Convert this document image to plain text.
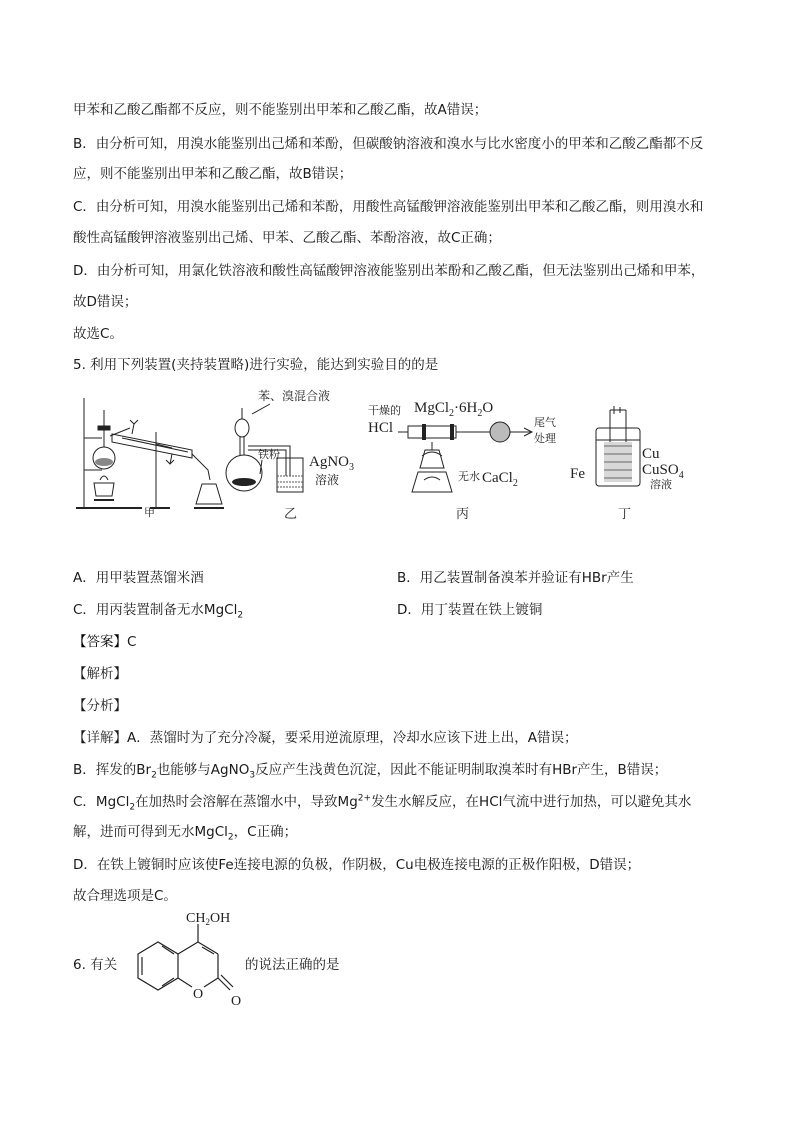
甲苯和乙酸乙酯都不反应，则不能鉴别出甲苯和乙酸乙酯，故A错误；
B．由分析可知，用溴水能鉴别出己烯和苯酚，但碳酸钠溶液和溴水与比水密度小的甲苯和乙酸乙酯都不反
应，则不能鉴别出甲苯和乙酸乙酯，故B错误；
C．由分析可知，用溴水能鉴别出己烯和苯酚，用酸性高锰酸钾溶液能鉴别出甲苯和乙酸乙酯，则用溴水和
酸性高锰酸钾溶液鉴别出己烯、甲苯、乙酸乙酯、苯酚溶液，故C正确；
D．由分析可知，用氯化铁溶液和酸性高锰酸钾溶液能鉴别出苯酚和乙酸乙酯，但无法鉴别出己烯和甲苯，
故D错误；
故选C。
5. 利用下列装置(夹持装置略)进行实验，能达到实验目的的是
甲	乙	丙	丁
苯、溴混合液
铁粉 AgNO$_3$
溶液
干燥的
HCl
$MgCl_2\cdot 6H_2O$
尾气
处理
无水 CaCl$_2$
Cu
Fe	CuSO$_4$
溶液
A．用甲装置蒸馏米酒	B．用乙装置制备溴苯并验证有HBr产生
C．用丙装置制备无水MgCl$_2$	D．用丁装置在铁上镀铜
【答案】C
【解析】
【分析】
【详解】A．蒸馏时为了充分冷凝，要采用逆流原理，冷却水应该下进上出，A错误；
B．挥发的$Br_2$也能够与AgNO$_3$反应产生浅黄色沉淀，因此不能证明制取溴苯时有HBr产生，B错误；
C．MgCl$_2$在加热时会溶解在蒸馏水中，导致$Mg^{2+}$发生水解反应，在HCl气流中进行加热，可以避免其水
解，进而可得到无水MgCl$_2$，C正确；
D．在铁上镀铜时应该使Fe连接电源的负极，作阴极，Cu电极连接电源的正极作阳极，D错误；
故合理选项是C。
6. 有关
$CH_2OH$
O O
的说法正确的是
